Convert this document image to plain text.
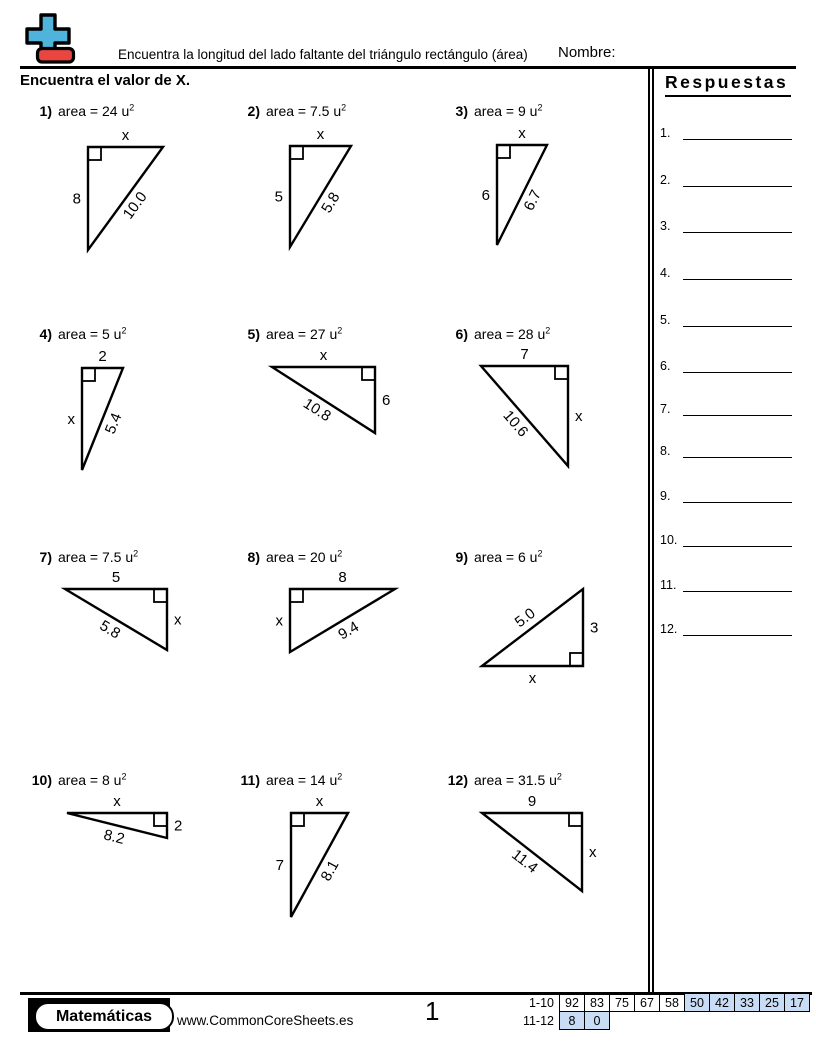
Encuentra la longitud del lado faltante del triángulo rectángulo (área) Nombre:
Encuentra el valor de X.	Respuestas
1.
2.
3.
4.
5.
6.
7.
8.
9.
10.
11.
12.
1) area = 24 $u^2$
x
8	10.0
2) area = 7.5 $u^2$
x
5 5.8
3) area = 9 $u^2$
x
6 6.7
4) area = 5 $u^2$
2
x 5.4
5) area = 27 $u^2$
x
6
10.8
6) area = 28 $u^2$
7
x
10.6
7) area = 7.5 $u^2$
5
x
5.8
8) area = 20 $u^2$
8
x	9.4
9) area = 6 $u^2$
x
3
5.0
10) area = 8 $u^2$
x
2
8.2
11) area = 14 $u^2$
x
7 8.1
12) area = 31.5 $u^2$
9
x
11.4
Matemáticas	www.CommonCoreSheets.es	1	1-10	92	83	75	67	58	50	42	33	25	17
11-12	8	0								
